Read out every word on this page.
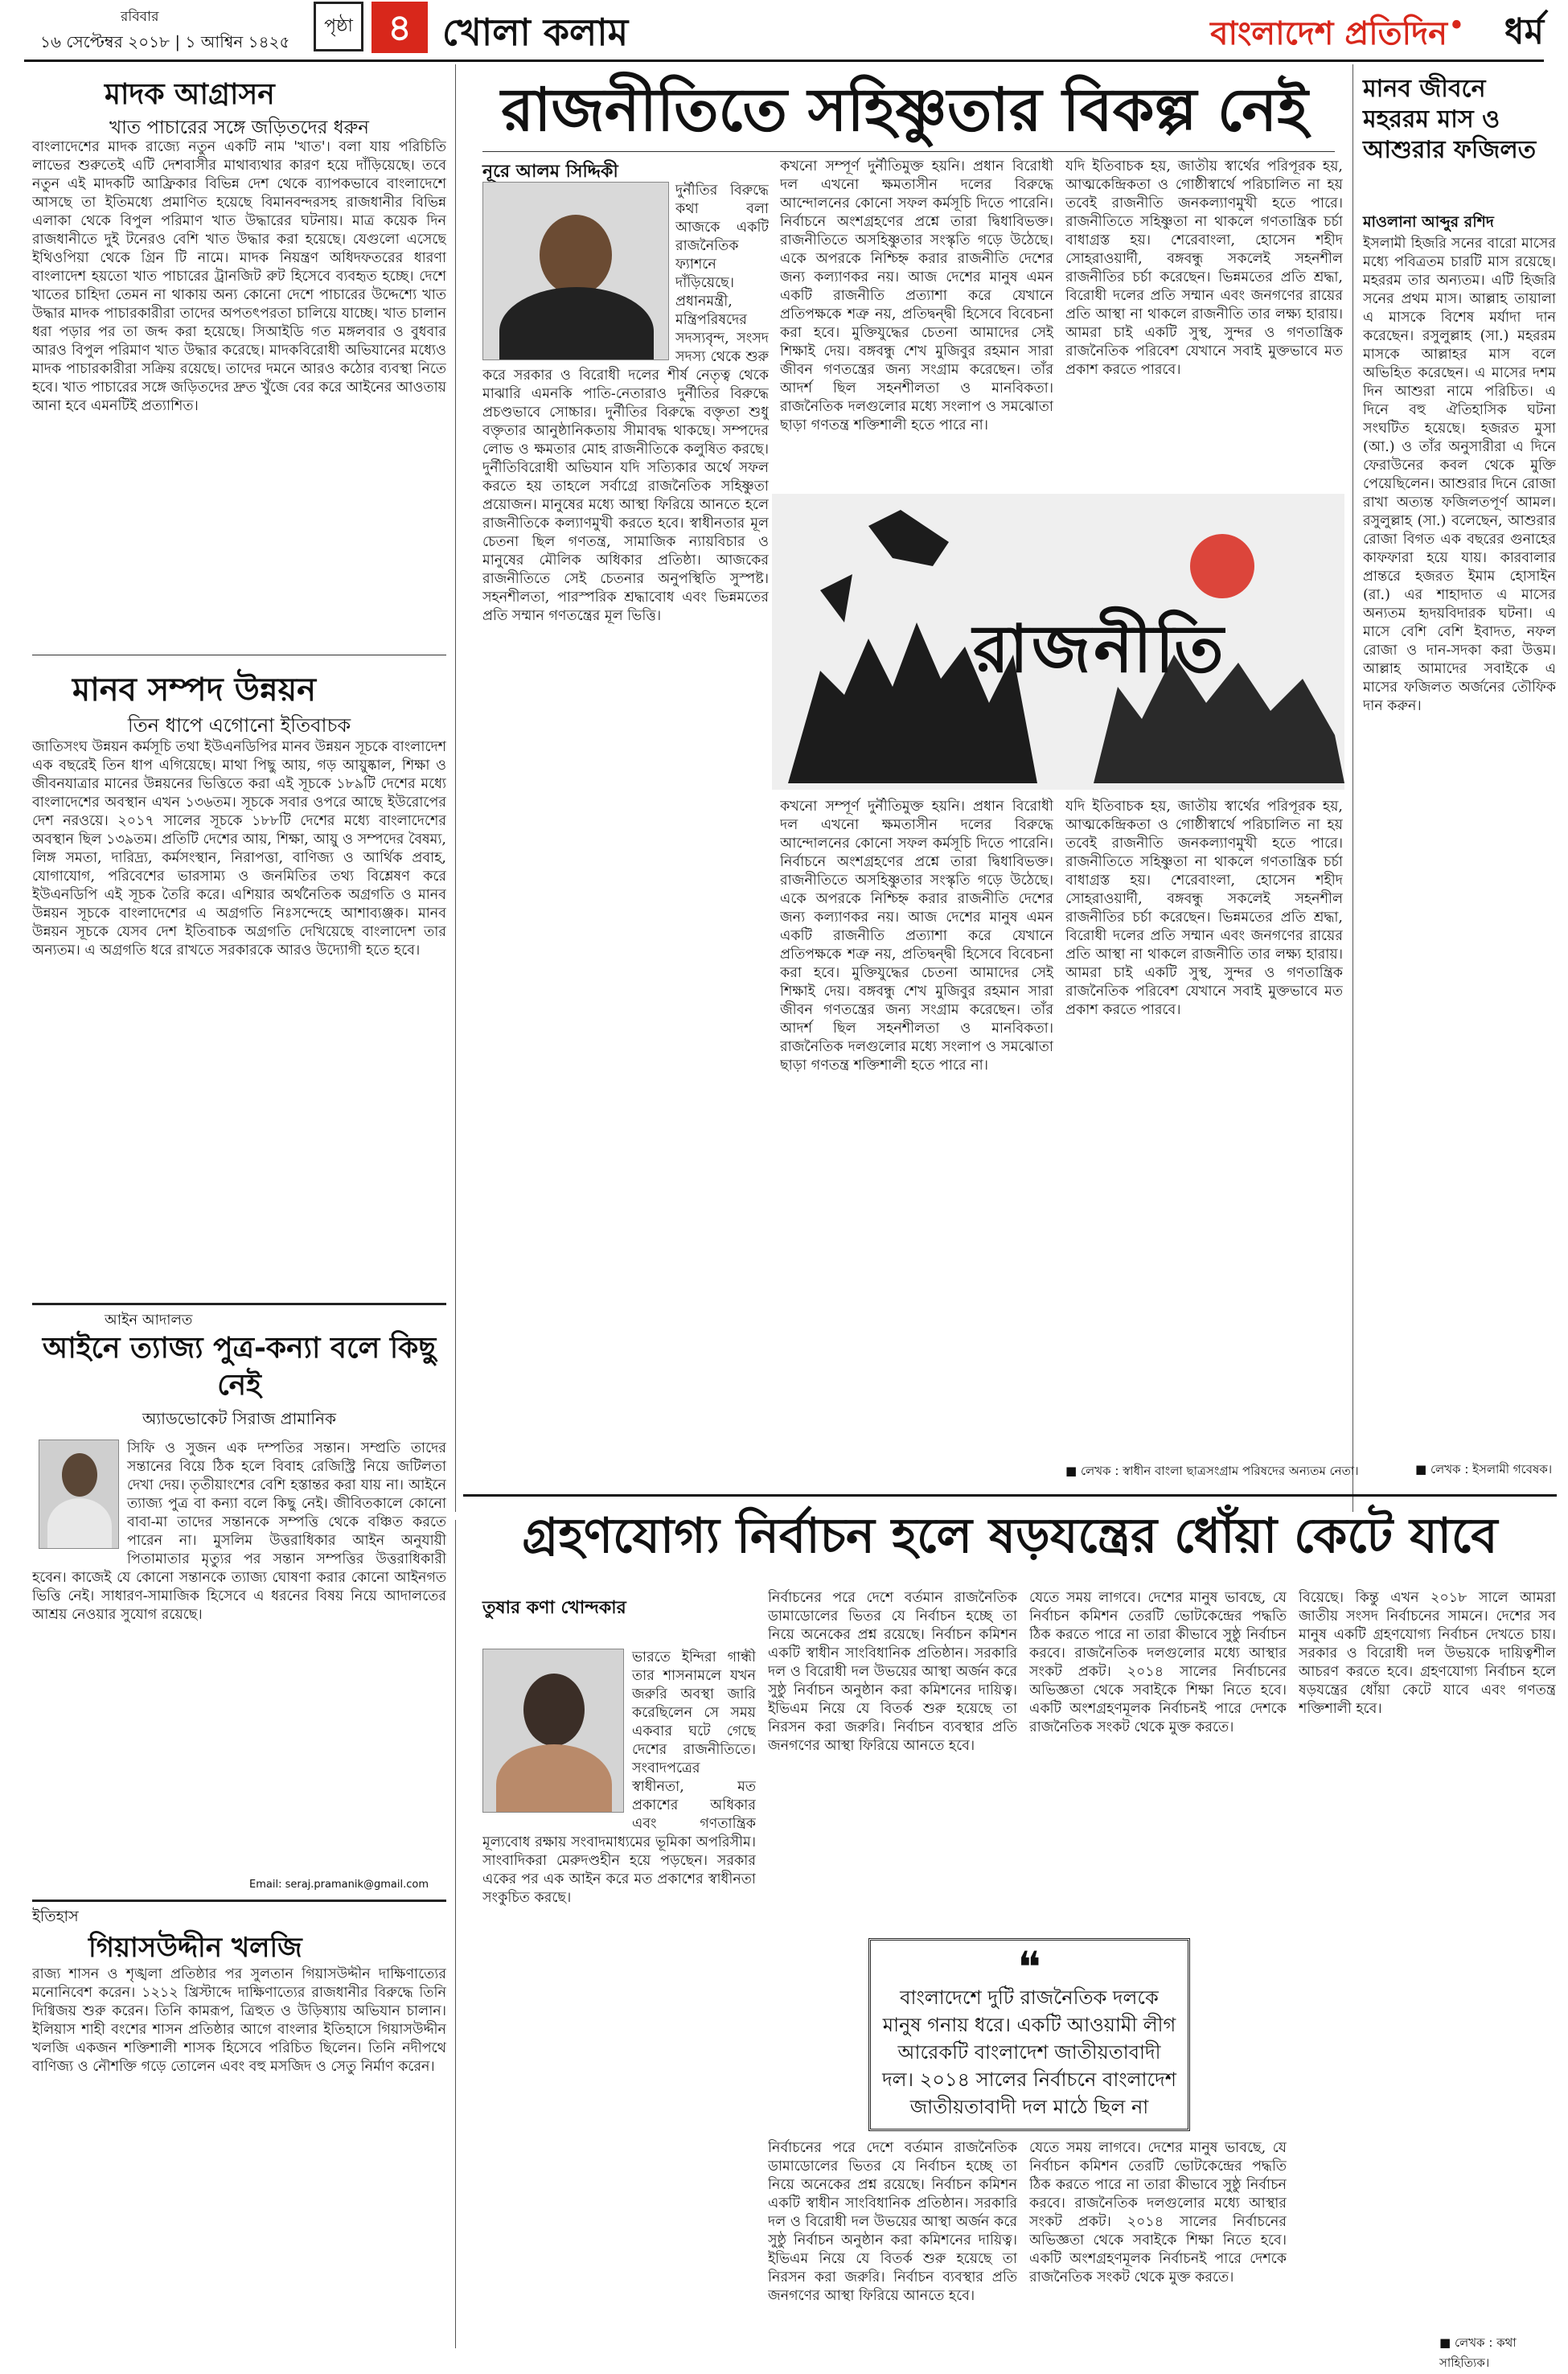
রবিবার
১৬ সেপ্টেম্বর ২০১৮ | ১ আশ্বিন ১৪২৫
পৃষ্ঠা ৪ খোলা কলাম	বাংলাদেশ প্রতিদিন • ধর্ম
মাদক আগ্রাসন
খাত পাচারের সঙ্গে জড়িতদের ধরুন
বাংলাদেশের মাদক রাজ্যে নতুন একটি নাম 'খাত'। বলা যায় পরিচিতি লাভের শুরুতেই এটি দেশবাসীর মাথাব্যথার কারণ হয়ে দাঁড়িয়েছে। তবে নতুন এই মাদকটি আফ্রিকার বিভিন্ন দেশ থেকে ব্যাপকভাবে বাংলাদেশে আসছে তা ইতিমধ্যে প্রমাণিত হয়েছে বিমানবন্দরসহ রাজধানীর বিভিন্ন এলাকা থেকে বিপুল পরিমাণ খাত উদ্ধারের ঘটনায়। মাত্র কয়েক দিন রাজধানীতে দুই টনেরও বেশি খাত উদ্ধার করা হয়েছে। যেগুলো এসেছে ইথিওপিয়া থেকে গ্রিন টি নামে। মাদক নিয়ন্ত্রণ অধিদফতরের ধারণা বাংলাদেশ হয়তো খাত পাচারের ট্রানজিট রুট হিসেবে ব্যবহৃত হচ্ছে। দেশে খাতের চাহিদা তেমন না থাকায় অন্য কোনো দেশে পাচারের উদ্দেশ্যে খাত উদ্ধার মাদক পাচারকারীরা তাদের অপতৎপরতা চালিয়ে যাচ্ছে। খাত চালান ধরা পড়ার পর তা জব্দ করা হয়েছে। সিআইডি গত মঙ্গলবার ও বুধবার আরও বিপুল পরিমাণ খাত উদ্ধার করেছে। মাদকবিরোধী অভিযানের মধ্যেও মাদক পাচারকারীরা সক্রিয় রয়েছে। তাদের দমনে আরও কঠোর ব্যবস্থা নিতে হবে। খাত পাচারের সঙ্গে জড়িতদের দ্রুত খুঁজে বের করে আইনের আওতায় আনা হবে এমনটিই প্রত্যাশিত।
মানব সম্পদ উন্নয়ন
তিন ধাপে এগোনো ইতিবাচক
জাতিসংঘ উন্নয়ন কর্মসূচি তথা ইউএনডিপির মানব উন্নয়ন সূচকে বাংলাদেশ এক বছরেই তিন ধাপ এগিয়েছে। মাথা পিছু আয়, গড় আয়ুষ্কাল, শিক্ষা ও জীবনযাত্রার মানের উন্নয়নের ভিত্তিতে করা এই সূচকে ১৮৯টি দেশের মধ্যে বাংলাদেশের অবস্থান এখন ১৩৬তম। সূচকে সবার ওপরে আছে ইউরোপের দেশ নরওয়ে। ২০১৭ সালের সূচকে ১৮৮টি দেশের মধ্যে বাংলাদেশের অবস্থান ছিল ১৩৯তম। প্রতিটি দেশের আয়, শিক্ষা, আয়ু ও সম্পদের বৈষম্য, লিঙ্গ সমতা, দারিদ্র্য, কর্মসংস্থান, নিরাপত্তা, বাণিজ্য ও আর্থিক প্রবাহ, যোগাযোগ, পরিবেশের ভারসাম্য ও জনমিতির তথ্য বিশ্লেষণ করে ইউএনডিপি এই সূচক তৈরি করে। এশিয়ার অর্থনৈতিক অগ্রগতি ও মানব উন্নয়ন সূচকে বাংলাদেশের এ অগ্রগতি নিঃসন্দেহে আশাব্যঞ্জক। মানব উন্নয়ন সূচকে যেসব দেশ ইতিবাচক অগ্রগতি দেখিয়েছে বাংলাদেশ তার অন্যতম। এ অগ্রগতি ধরে রাখতে সরকারকে আরও উদ্যোগী হতে হবে।
আইন আদালত
আইনে ত্যাজ্য পুত্র-কন্যা বলে কিছু নেই
অ্যাডভোকেট সিরাজ প্রামানিক
সিফি ও সুজন এক দম্পতির সন্তান। সম্প্রতি তাদের সন্তানের বিয়ে ঠিক হলে বিবাহ রেজিস্ট্রি নিয়ে জটিলতা দেখা দেয়। তৃতীয়াংশের বেশি হস্তান্তর করা যায় না। আইনে ত্যাজ্য পুত্র বা কন্যা বলে কিছু নেই। জীবিতকালে কোনো বাবা-মা তাদের সন্তানকে সম্পত্তি থেকে বঞ্চিত করতে পারেন না। মুসলিম উত্তরাধিকার আইন অনুযায়ী পিতামাতার মৃত্যুর পর সন্তান সম্পত্তির উত্তরাধিকারী হবেন। কাজেই যে কোনো সন্তানকে ত্যাজ্য ঘোষণা করার কোনো আইনগত ভিত্তি নেই। সাধারণ-সামাজিক হিসেবে এ ধরনের বিষয় নিয়ে আদালতের আশ্রয় নেওয়ার সুযোগ রয়েছে।
Email: seraj.pramanik@gmail.com
ইতিহাস
গিয়াসউদ্দীন খলজি
রাজ্য শাসন ও শৃঙ্খলা প্রতিষ্ঠার পর সুলতান গিয়াসউদ্দীন দাক্ষিণাত্যের মনোনিবেশ করেন। ১২১২ খ্রিস্টাব্দে দাক্ষিণাত্যের রাজধানীর বিরুদ্ধে তিনি দিগ্বিজয় শুরু করেন। তিনি কামরূপ, ত্রিহুত ও উড়িষ্যায় অভিযান চালান। ইলিয়াস শাহী বংশের শাসন প্রতিষ্ঠার আগে বাংলার ইতিহাসে গিয়াসউদ্দীন খলজি একজন শক্তিশালী শাসক হিসেবে পরিচিত ছিলেন। তিনি নদীপথে বাণিজ্য ও নৌশক্তি গড়ে তোলেন এবং বহু মসজিদ ও সেতু নির্মাণ করেন।
রাজনীতিতে সহিষ্ণুতার বিকল্প নেই
নূরে আলম সিদ্দিকী
দুর্নীতির বিরুদ্ধে কথা বলা আজকে একটি রাজনৈতিক ফ্যাশনে দাঁড়িয়েছে। প্রধানমন্ত্রী, মন্ত্রিপরিষদের সদস্যবৃন্দ, সংসদ সদস্য থেকে শুরু করে সরকার ও বিরোধী দলের শীর্ষ নেতৃত্ব থেকে মাঝারি এমনকি পাতি-নেতারাও দুর্নীতির বিরুদ্ধে প্রচণ্ডভাবে সোচ্চার। দুর্নীতির বিরুদ্ধে বক্তৃতা শুধু বক্তৃতার আনুষ্ঠানিকতায় সীমাবদ্ধ থাকছে। সম্পদের লোভ ও ক্ষমতার মোহ রাজনীতিকে কলুষিত করছে। দুর্নীতিবিরোধী অভিযান যদি সত্যিকার অর্থে সফল করতে হয় তাহলে সর্বাগ্রে রাজনৈতিক সহিষ্ণুতা প্রয়োজন। মানুষের মধ্যে আস্থা ফিরিয়ে আনতে হলে রাজনীতিকে কল্যাণমুখী করতে হবে। স্বাধীনতার মূল চেতনা ছিল গণতন্ত্র, সামাজিক ন্যায়বিচার ও মানুষের মৌলিক অধিকার প্রতিষ্ঠা। আজকের রাজনীতিতে সেই চেতনার অনুপস্থিতি সুস্পষ্ট। সহনশীলতা, পারস্পরিক শ্রদ্ধাবোধ এবং ভিন্নমতের প্রতি সম্মান গণতন্ত্রের মূল ভিত্তি।	রাজনীতি
কখনো সম্পূর্ণ দুর্নীতিমুক্ত হয়নি। প্রধান বিরোধী দল এখনো ক্ষমতাসীন দলের বিরুদ্ধে আন্দোলনের কোনো সফল কর্মসূচি দিতে পারেনি। নির্বাচনে অংশগ্রহণের প্রশ্নে তারা দ্বিধাবিভক্ত। রাজনীতিতে অসহিষ্ণুতার সংস্কৃতি গড়ে উঠেছে। একে অপরকে নিশ্চিহ্ন করার রাজনীতি দেশের জন্য কল্যাণকর নয়। আজ দেশের মানুষ এমন একটি রাজনীতি প্রত্যাশা করে যেখানে প্রতিপক্ষকে শত্রু নয়, প্রতিদ্বন্দ্বী হিসেবে বিবেচনা করা হবে। মুক্তিযুদ্ধের চেতনা আমাদের সেই শিক্ষাই দেয়। বঙ্গবন্ধু শেখ মুজিবুর রহমান সারা জীবন গণতন্ত্রের জন্য সংগ্রাম করেছেন। তাঁর আদর্শ ছিল সহনশীলতা ও মানবিকতা। রাজনৈতিক দলগুলোর মধ্যে সংলাপ ও সমঝোতা ছাড়া গণতন্ত্র শক্তিশালী হতে পারে না।
যদি ইতিবাচক হয়, জাতীয় স্বার্থের পরিপূরক হয়, আত্মকেন্দ্রিকতা ও গোষ্ঠীস্বার্থে পরিচালিত না হয় তবেই রাজনীতি জনকল্যাণমুখী হতে পারে। রাজনীতিতে সহিষ্ণুতা না থাকলে গণতান্ত্রিক চর্চা বাধাগ্রস্ত হয়। শেরেবাংলা, হোসেন শহীদ সোহরাওয়ার্দী, বঙ্গবন্ধু সকলেই সহনশীল রাজনীতির চর্চা করেছেন। ভিন্নমতের প্রতি শ্রদ্ধা, বিরোধী দলের প্রতি সম্মান এবং জনগণের রায়ের প্রতি আস্থা না থাকলে রাজনীতি তার লক্ষ্য হারায়। আমরা চাই একটি সুস্থ, সুন্দর ও গণতান্ত্রিক রাজনৈতিক পরিবেশ যেখানে সবাই মুক্তভাবে মত প্রকাশ করতে পারবে।
কখনো সম্পূর্ণ দুর্নীতিমুক্ত হয়নি। প্রধান বিরোধী দল এখনো ক্ষমতাসীন দলের বিরুদ্ধে আন্দোলনের কোনো সফল কর্মসূচি দিতে পারেনি। নির্বাচনে অংশগ্রহণের প্রশ্নে তারা দ্বিধাবিভক্ত। রাজনীতিতে অসহিষ্ণুতার সংস্কৃতি গড়ে উঠেছে। একে অপরকে নিশ্চিহ্ন করার রাজনীতি দেশের জন্য কল্যাণকর নয়। আজ দেশের মানুষ এমন একটি রাজনীতি প্রত্যাশা করে যেখানে প্রতিপক্ষকে শত্রু নয়, প্রতিদ্বন্দ্বী হিসেবে বিবেচনা করা হবে। মুক্তিযুদ্ধের চেতনা আমাদের সেই শিক্ষাই দেয়। বঙ্গবন্ধু শেখ মুজিবুর রহমান সারা জীবন গণতন্ত্রের জন্য সংগ্রাম করেছেন। তাঁর আদর্শ ছিল সহনশীলতা ও মানবিকতা। রাজনৈতিক দলগুলোর মধ্যে সংলাপ ও সমঝোতা ছাড়া গণতন্ত্র শক্তিশালী হতে পারে না।
যদি ইতিবাচক হয়, জাতীয় স্বার্থের পরিপূরক হয়, আত্মকেন্দ্রিকতা ও গোষ্ঠীস্বার্থে পরিচালিত না হয় তবেই রাজনীতি জনকল্যাণমুখী হতে পারে। রাজনীতিতে সহিষ্ণুতা না থাকলে গণতান্ত্রিক চর্চা বাধাগ্রস্ত হয়। শেরেবাংলা, হোসেন শহীদ সোহরাওয়ার্দী, বঙ্গবন্ধু সকলেই সহনশীল রাজনীতির চর্চা করেছেন। ভিন্নমতের প্রতি শ্রদ্ধা, বিরোধী দলের প্রতি সম্মান এবং জনগণের রায়ের প্রতি আস্থা না থাকলে রাজনীতি তার লক্ষ্য হারায়। আমরা চাই একটি সুস্থ, সুন্দর ও গণতান্ত্রিক রাজনৈতিক পরিবেশ যেখানে সবাই মুক্তভাবে মত প্রকাশ করতে পারবে।
■ লেখক : স্বাধীন বাংলা ছাত্রসংগ্রাম পরিষদের অন্যতম নেতা।
মানব জীবনে মহররম মাস ও আশুরার ফজিলত
মাওলানা আব্দুর রশিদ
ইসলামী হিজরি সনের বারো মাসের মধ্যে পবিত্রতম চারটি মাস রয়েছে। মহররম তার অন্যতম। এটি হিজরি সনের প্রথম মাস। আল্লাহ তায়ালা এ মাসকে বিশেষ মর্যাদা দান করেছেন। রসুলুল্লাহ (সা.) মহররম মাসকে আল্লাহর মাস বলে অভিহিত করেছেন। এ মাসের দশম দিন আশুরা নামে পরিচিত। এ দিনে বহু ঐতিহাসিক ঘটনা সংঘটিত হয়েছে। হজরত মুসা (আ.) ও তাঁর অনুসারীরা এ দিনে ফেরাউনের কবল থেকে মুক্তি পেয়েছিলেন। আশুরার দিনে রোজা রাখা অত্যন্ত ফজিলতপূর্ণ আমল। রসুলুল্লাহ (সা.) বলেছেন, আশুরার রোজা বিগত এক বছরের গুনাহের কাফফারা হয়ে যায়। কারবালার প্রান্তরে হজরত ইমাম হোসাইন (রা.) এর শাহাদাত এ মাসের অন্যতম হৃদয়বিদারক ঘটনা। এ মাসে বেশি বেশি ইবাদত, নফল রোজা ও দান-সদকা করা উত্তম। আল্লাহ আমাদের সবাইকে এ মাসের ফজিলত অর্জনের তৌফিক দান করুন।
■ লেখক : ইসলামী গবেষক।
গ্রহণযোগ্য নির্বাচন হলে ষড়যন্ত্রের ধোঁয়া কেটে যাবে
তুষার কণা খোন্দকার
ভারতে ইন্দিরা গান্ধী তার শাসনামলে যখন জরুরি অবস্থা জারি করেছিলেন সে সময় একবার ঘটে গেছে দেশের রাজনীতিতে। সংবাদপত্রের স্বাধীনতা, মত প্রকাশের অধিকার এবং গণতান্ত্রিক মূল্যবোধ রক্ষায় সংবাদমাধ্যমের ভূমিকা অপরিসীম। সাংবাদিকরা মেরুদণ্ডহীন হয়ে পড়ছেন। সরকার একের পর এক আইন করে মত প্রকাশের স্বাধীনতা সংকুচিত করছে।
নির্বাচনের পরে দেশে বর্তমান রাজনৈতিক ডামাডোলের ভিতর যে নির্বাচন হচ্ছে তা নিয়ে অনেকের প্রশ্ন রয়েছে। নির্বাচন কমিশন একটি স্বাধীন সাংবিধানিক প্রতিষ্ঠান। সরকারি দল ও বিরোধী দল উভয়ের আস্থা অর্জন করে সুষ্ঠু নির্বাচন অনুষ্ঠান করা কমিশনের দায়িত্ব। ইভিএম নিয়ে যে বিতর্ক শুরু হয়েছে তা নিরসন করা জরুরি। নির্বাচন ব্যবস্থার প্রতি জনগণের আস্থা ফিরিয়ে আনতে হবে।
যেতে সময় লাগবে। দেশের মানুষ ভাবছে, যে নির্বাচন কমিশন তেরটি ভোটকেন্দ্রের পদ্ধতি ঠিক করতে পারে না তারা কীভাবে সুষ্ঠু নির্বাচন করবে। রাজনৈতিক দলগুলোর মধ্যে আস্থার সংকট প্রকট। ২০১৪ সালের নির্বাচনের অভিজ্ঞতা থেকে সবাইকে শিক্ষা নিতে হবে। একটি অংশগ্রহণমূলক নির্বাচনই পারে দেশকে রাজনৈতিক সংকট থেকে মুক্ত করতে।
বিয়েছে। কিন্তু এখন ২০১৮ সালে আমরা জাতীয় সংসদ নির্বাচনের সামনে। দেশের সব মানুষ একটি গ্রহণযোগ্য নির্বাচন দেখতে চায়। সরকার ও বিরোধী দল উভয়কে দায়িত্বশীল আচরণ করতে হবে। গ্রহণযোগ্য নির্বাচন হলে ষড়যন্ত্রের ধোঁয়া কেটে যাবে এবং গণতন্ত্র শক্তিশালী হবে।
❝
বাংলাদেশে দুটি রাজনৈতিক দলকে মানুষ গনায় ধরে। একটি আওয়ামী লীগ আরেকটি বাংলাদেশ জাতীয়তাবাদী দল। ২০১৪ সালের নির্বাচনে বাংলাদেশ জাতীয়তাবাদী দল মাঠে ছিল না
নির্বাচনের পরে দেশে বর্তমান রাজনৈতিক ডামাডোলের ভিতর যে নির্বাচন হচ্ছে তা নিয়ে অনেকের প্রশ্ন রয়েছে। নির্বাচন কমিশন একটি স্বাধীন সাংবিধানিক প্রতিষ্ঠান। সরকারি দল ও বিরোধী দল উভয়ের আস্থা অর্জন করে সুষ্ঠু নির্বাচন অনুষ্ঠান করা কমিশনের দায়িত্ব। ইভিএম নিয়ে যে বিতর্ক শুরু হয়েছে তা নিরসন করা জরুরি। নির্বাচন ব্যবস্থার প্রতি জনগণের আস্থা ফিরিয়ে আনতে হবে।
যেতে সময় লাগবে। দেশের মানুষ ভাবছে, যে নির্বাচন কমিশন তেরটি ভোটকেন্দ্রের পদ্ধতি ঠিক করতে পারে না তারা কীভাবে সুষ্ঠু নির্বাচন করবে। রাজনৈতিক দলগুলোর মধ্যে আস্থার সংকট প্রকট। ২০১৪ সালের নির্বাচনের অভিজ্ঞতা থেকে সবাইকে শিক্ষা নিতে হবে। একটি অংশগ্রহণমূলক নির্বাচনই পারে দেশকে রাজনৈতিক সংকট থেকে মুক্ত করতে।
■ লেখক : কথা সাহিত্যিক।
